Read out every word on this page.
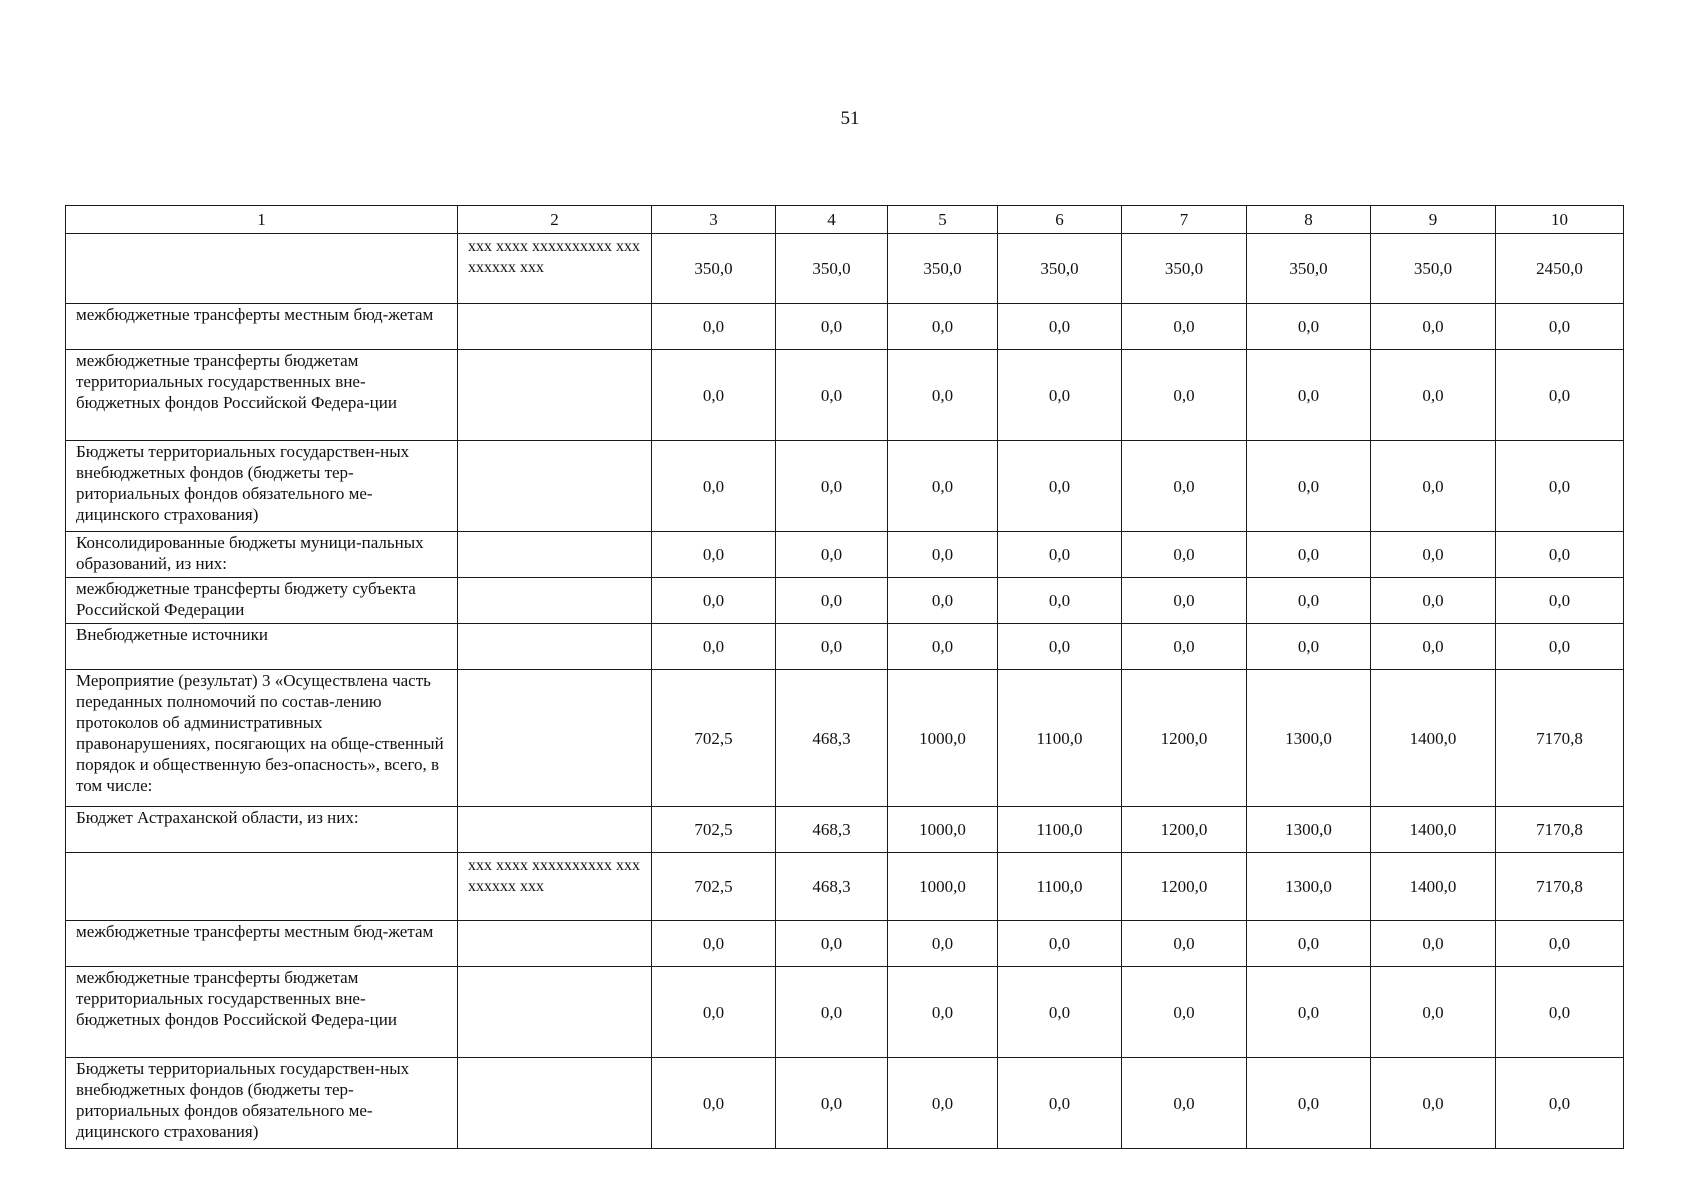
51
1	2	3	4	5	6	7	8	9	10
	xxx xxxx xxxxxxxxxx xxx xxxxxx xxx	350,0	350,0	350,0	350,0	350,0	350,0	350,0	2450,0
межбюджетные трансферты местным бюд-жетам		0,0	0,0	0,0	0,0	0,0	0,0	0,0	0,0
межбюджетные трансферты бюджетам территориальных государственных вне-бюджетных фондов Российской Федера-ции		0,0	0,0	0,0	0,0	0,0	0,0	0,0	0,0
Бюджеты территориальных государствен-ных внебюджетных фондов (бюджеты тер-риториальных фондов обязательного ме-дицинского страхования)		0,0	0,0	0,0	0,0	0,0	0,0	0,0	0,0
Консолидированные бюджеты муници-пальных образований, из них:		0,0	0,0	0,0	0,0	0,0	0,0	0,0	0,0
межбюджетные трансферты бюджету субъекта Российской Федерации		0,0	0,0	0,0	0,0	0,0	0,0	0,0	0,0
Внебюджетные источники		0,0	0,0	0,0	0,0	0,0	0,0	0,0	0,0
Мероприятие (результат) 3 «Осуществлена часть переданных полномочий по состав-лению протоколов об административных правонарушениях, посягающих на обще-ственный порядок и общественную без-опасность», всего, в том числе:		702,5	468,3	1000,0	1100,0	1200,0	1300,0	1400,0	7170,8
Бюджет Астраханской области, из них:		702,5	468,3	1000,0	1100,0	1200,0	1300,0	1400,0	7170,8
	xxx xxxx xxxxxxxxxx xxx xxxxxx xxx	702,5	468,3	1000,0	1100,0	1200,0	1300,0	1400,0	7170,8
межбюджетные трансферты местным бюд-жетам		0,0	0,0	0,0	0,0	0,0	0,0	0,0	0,0
межбюджетные трансферты бюджетам территориальных государственных вне-бюджетных фондов Российской Федера-ции		0,0	0,0	0,0	0,0	0,0	0,0	0,0	0,0
Бюджеты территориальных государствен-ных внебюджетных фондов (бюджеты тер-риториальных фондов обязательного ме-дицинского страхования)		0,0	0,0	0,0	0,0	0,0	0,0	0,0	0,0
